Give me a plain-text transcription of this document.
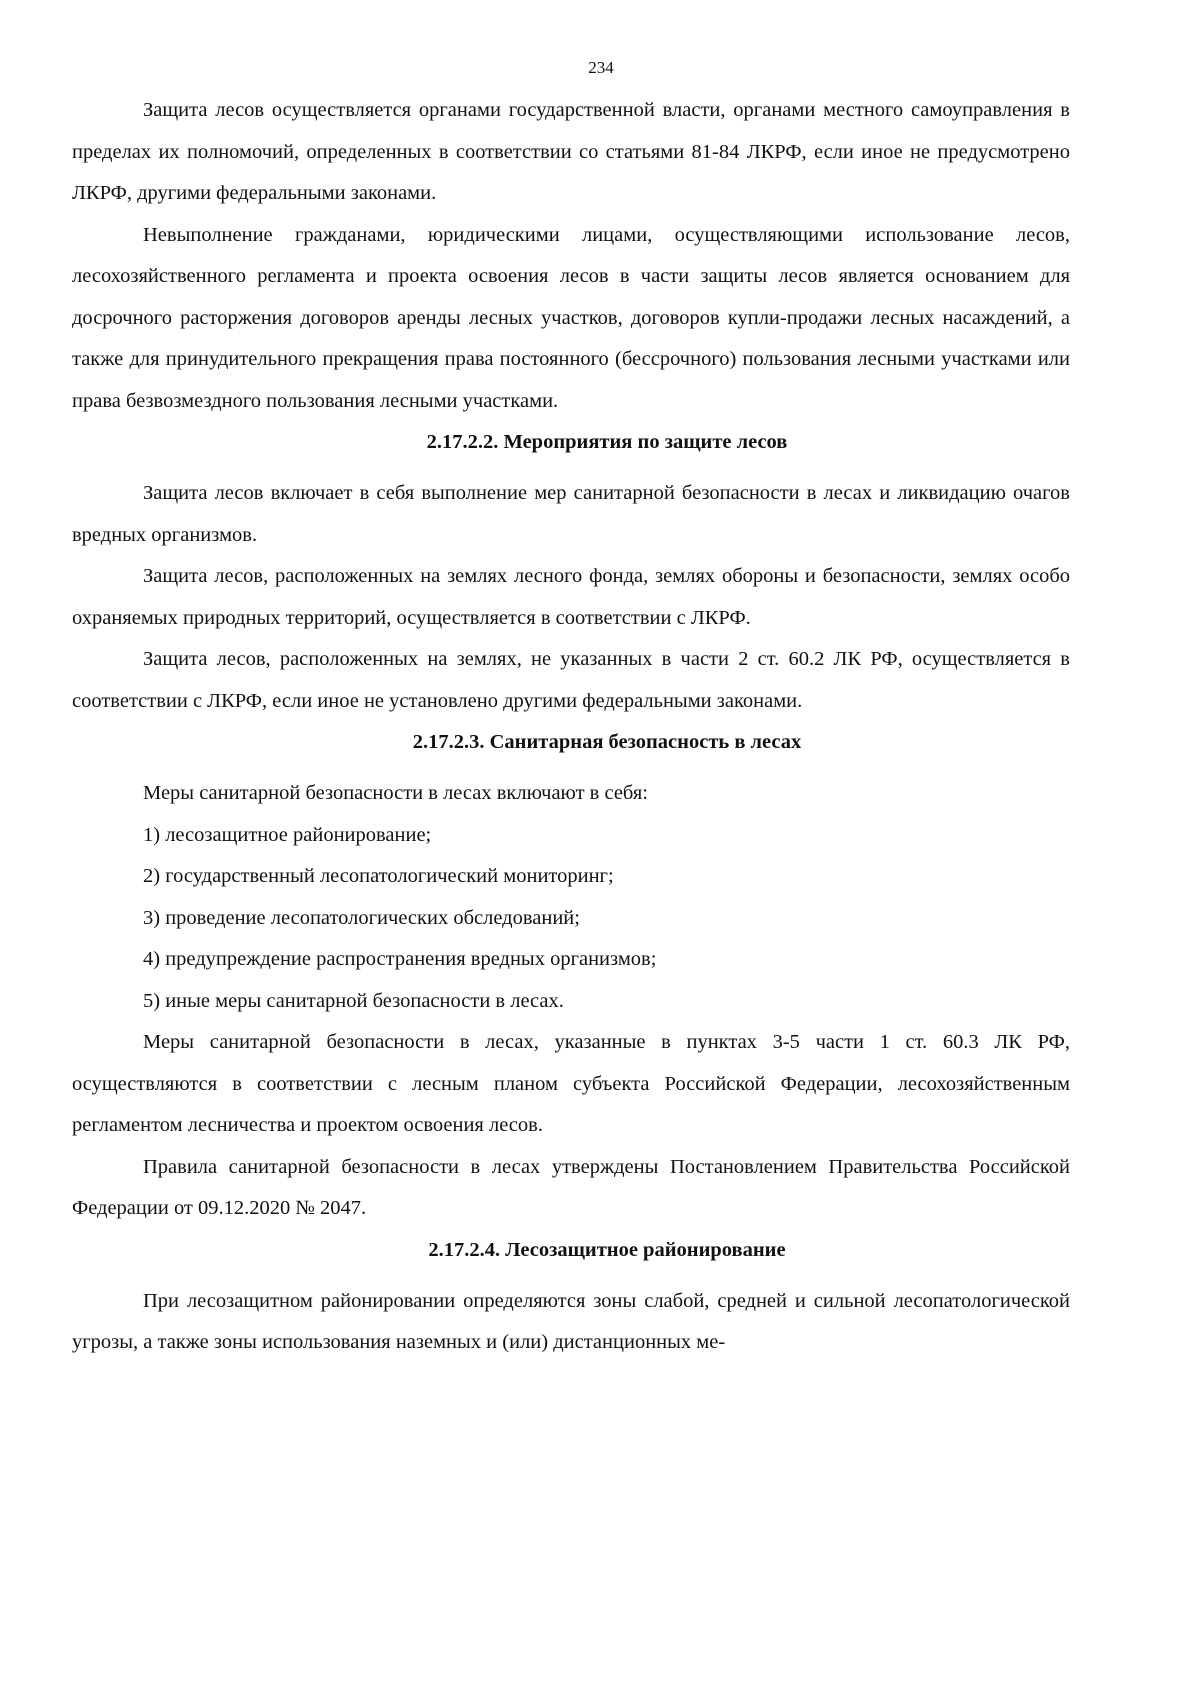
234

Защита лесов осуществляется органами государственной власти, органами местного самоуправления в пределах их полномочий, определенных в соответствии со статьями 81-84 ЛКРФ, если иное не предусмотрено ЛКРФ, другими федеральными законами.

Невыполнение гражданами, юридическими лицами, осуществляющими использование лесов, лесохозяйственного регламента и проекта освоения лесов в части защиты лесов является основанием для досрочного расторжения договоров аренды лесных участков, договоров купли-продажи лесных насаждений, а также для принудительного прекращения права постоянного (бессрочного) пользования лесными участками или права безвозмездного пользования лесными участками.

2.17.2.2. Мероприятия по защите лесов

Защита лесов включает в себя выполнение мер санитарной безопасности в лесах и ликвидацию очагов вредных организмов.

Защита лесов, расположенных на землях лесного фонда, землях обороны и безопасности, землях особо охраняемых природных территорий, осуществляется в соответствии с ЛКРФ.

Защита лесов, расположенных на землях, не указанных в части 2 ст. 60.2 ЛК РФ, осуществляется в соответствии с ЛКРФ, если иное не установлено другими федеральными законами.

2.17.2.3. Санитарная безопасность в лесах

Меры санитарной безопасности в лесах включают в себя:

1) лесозащитное районирование;

2) государственный лесопатологический мониторинг;

3) проведение лесопатологических обследований;

4) предупреждение распространения вредных организмов;

5) иные меры санитарной безопасности в лесах.

Меры санитарной безопасности в лесах, указанные в пунктах 3-5 части 1 ст. 60.3 ЛК РФ, осуществляются в соответствии с лесным планом субъекта Российской Федерации, лесохозяйственным регламентом лесничества и проектом освоения лесов.

Правила санитарной безопасности в лесах утверждены Постановлением Правительства Российской Федерации от 09.12.2020 № 2047.

2.17.2.4. Лесозащитное районирование

При лесозащитном районировании определяются зоны слабой, средней и сильной лесопатологической угрозы, а также зоны использования наземных и (или) дистанционных ме-
